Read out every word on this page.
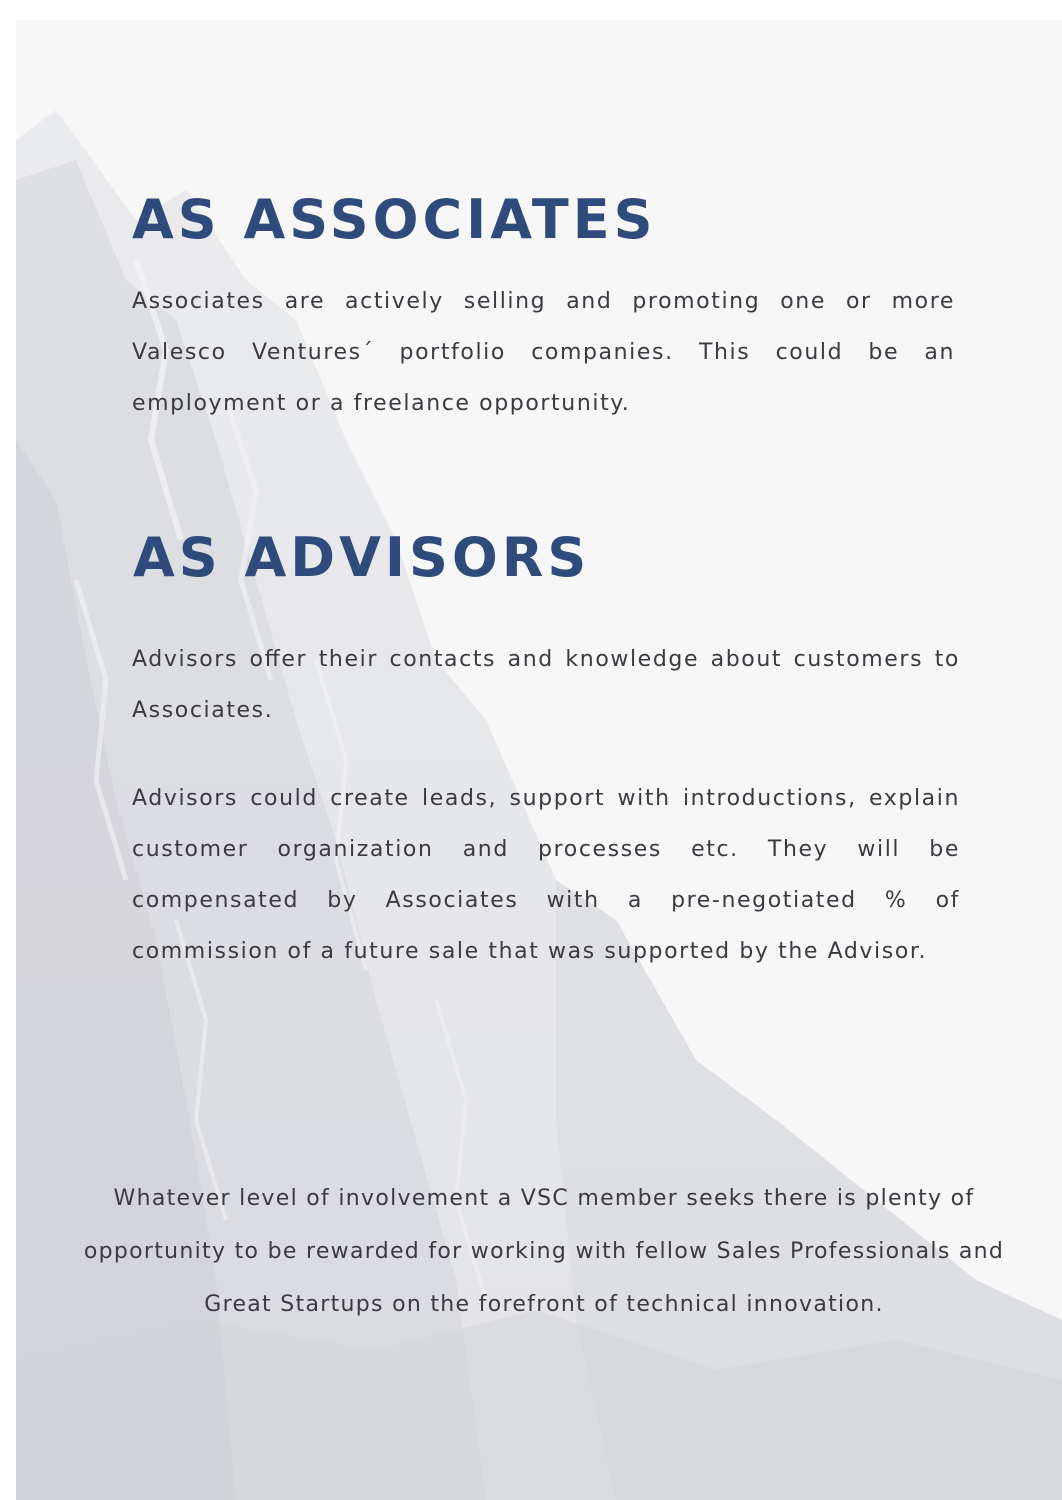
AS ASSOCIATES

Associates are actively selling and promoting one or more Valesco Ventures´ portfolio companies. This could be an employment or a freelance opportunity.

AS ADVISORS

Advisors oﬀer their contacts and knowledge about customers to Associates.

Advisors could create leads, support with introductions, explain customer organization and processes etc. They will be compensated by Associates with a pre-negotiated % of commission of a future sale that was supported by the Advisor.

Whatever level of involvement a VSC member seeks there is plenty of opportunity to be rewarded for working with fellow Sales Professionals and Great Startups on the forefront of technical innovation.
